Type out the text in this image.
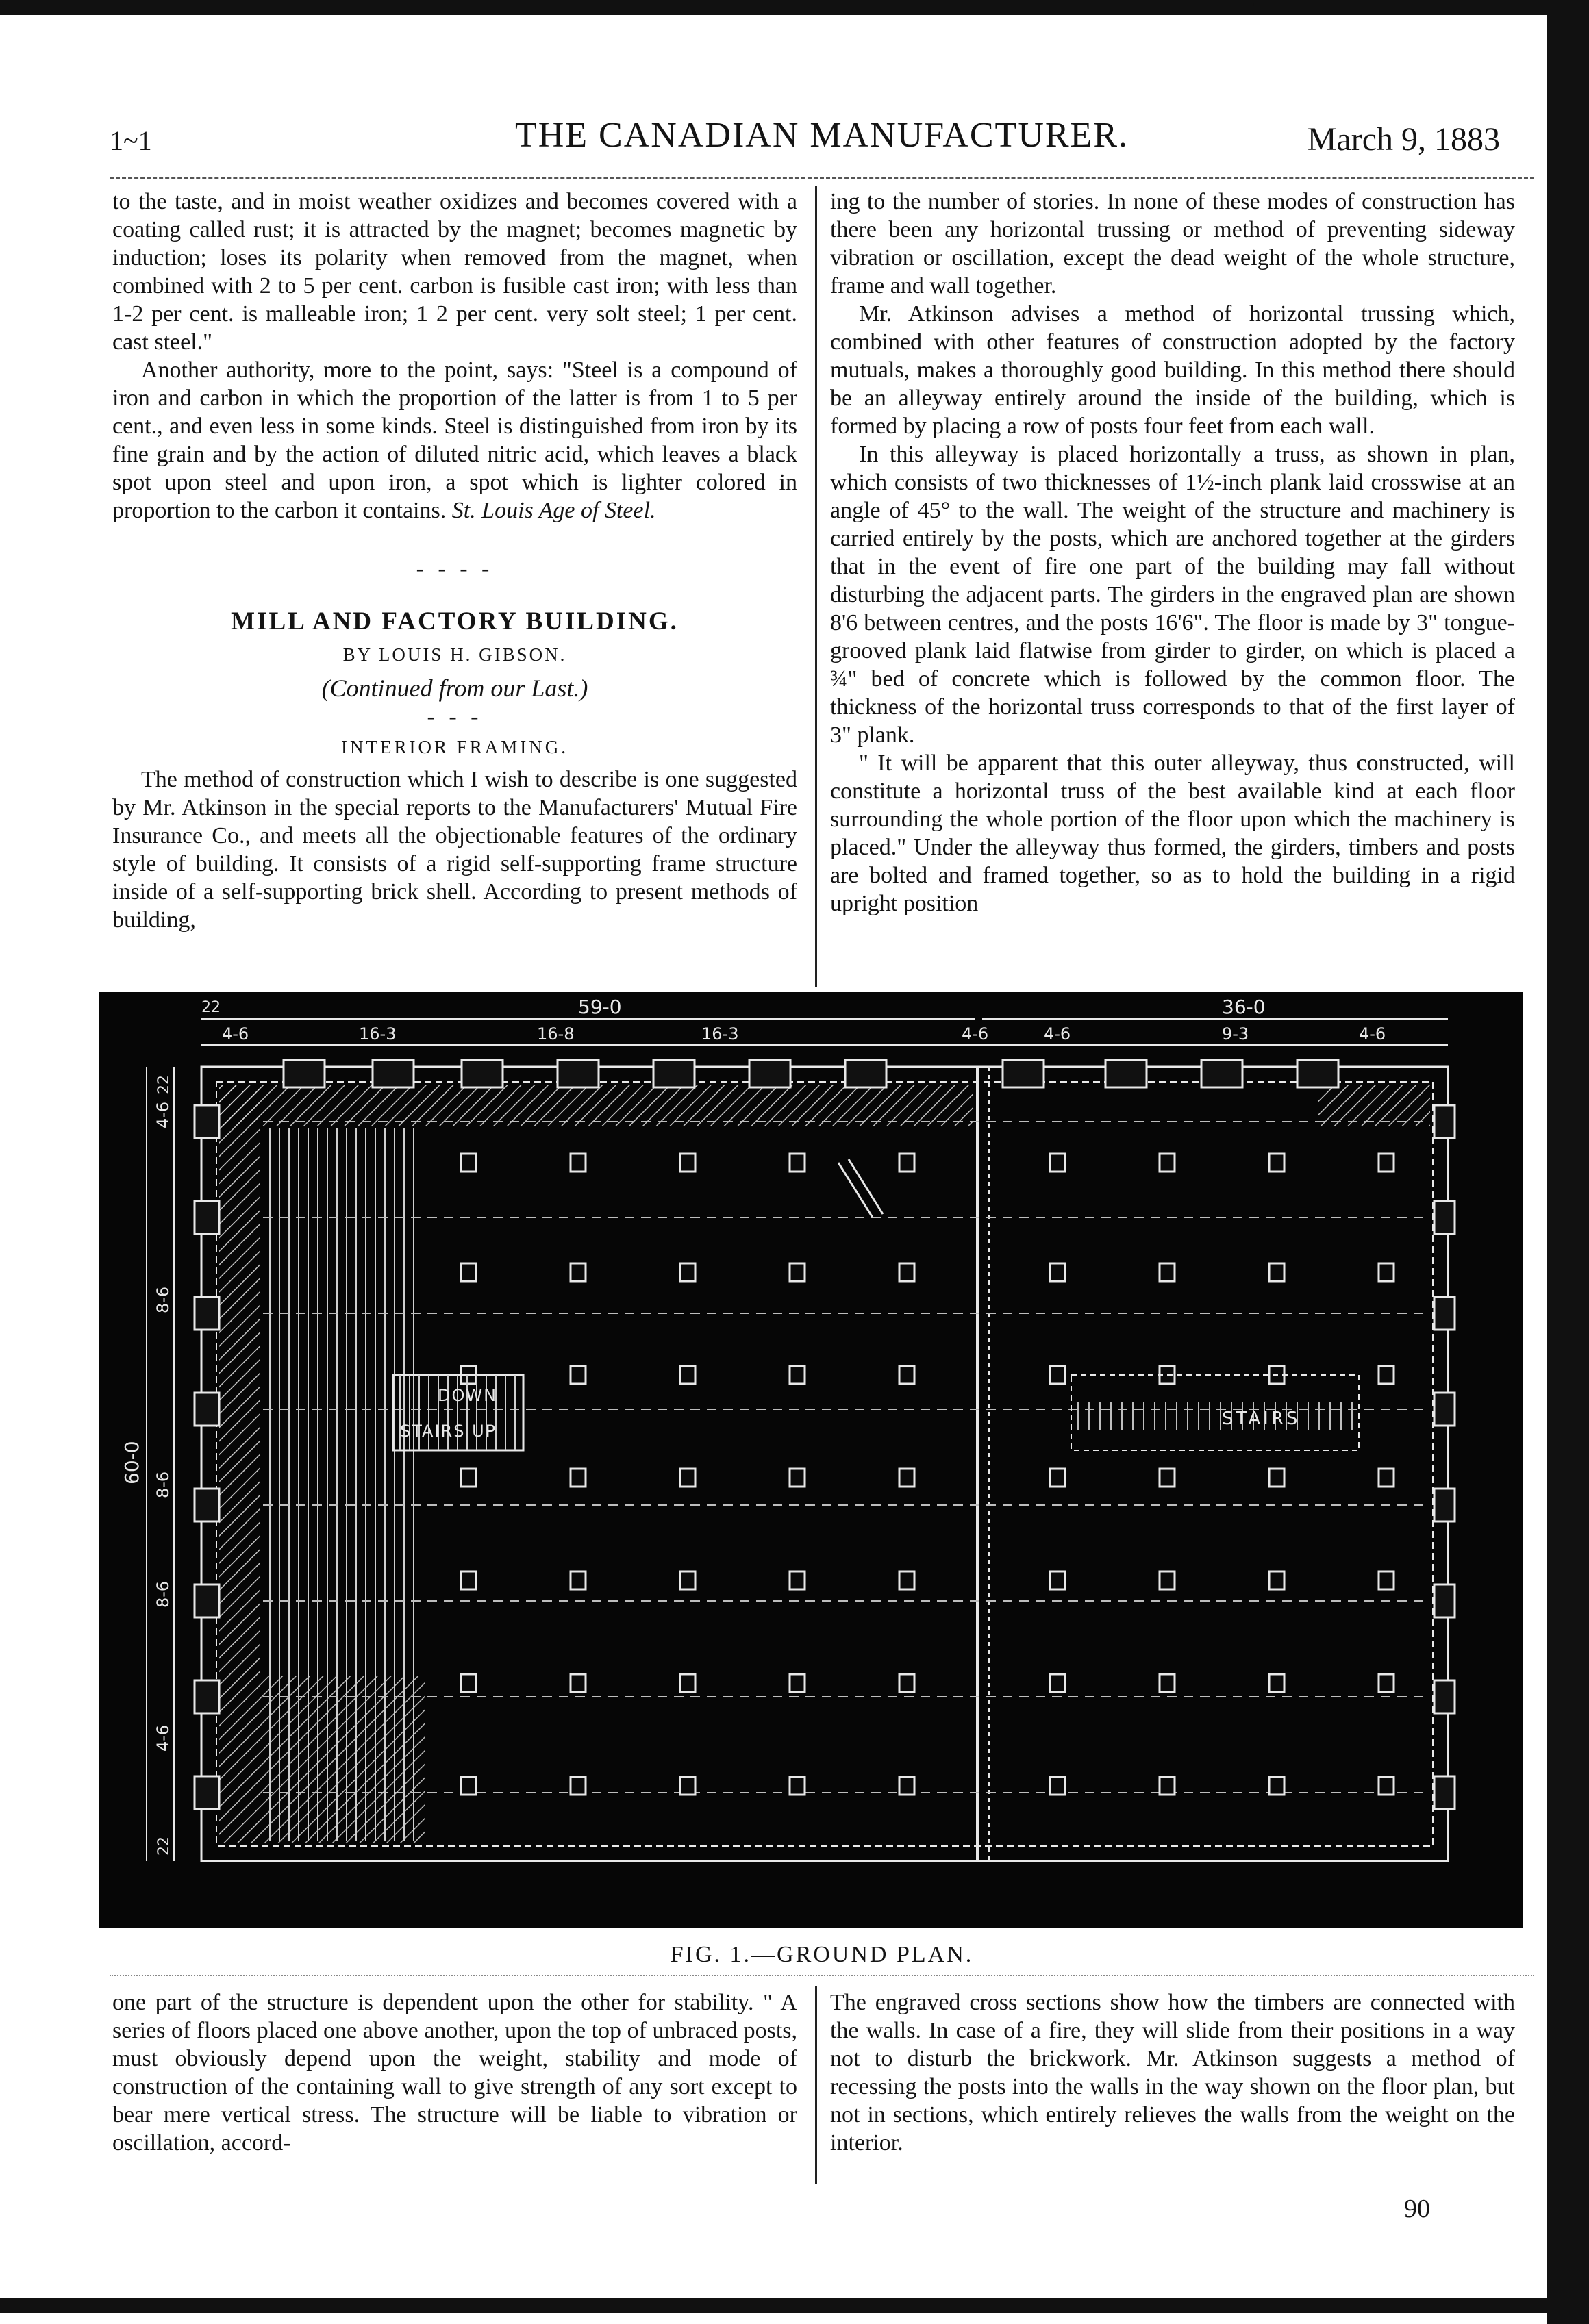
1~1	THE CANADIAN MANUFACTURER.	March 9, 1883

to the taste, and in moist weather oxidizes and becomes covered with a coating called rust; it is attracted by the magnet; becomes magnetic by induction; loses its polarity when removed from the magnet, when combined with 2 to 5 per cent. carbon is fusible cast iron; with less than 1-2 per cent. is malleable iron; 1 2 per cent. very solt steel; 1 per cent. cast steel."

Another authority, more to the point, says: "Steel is a compound of iron and carbon in which the proportion of the latter is from 1 to 5 per cent., and even less in some kinds. Steel is distinguished from iron by its fine grain and by the action of diluted nitric acid, which leaves a black spot upon steel and upon iron, a spot which is lighter colored in proportion to the carbon it contains. St. Louis Age of Steel.

- - - -

MILL AND FACTORY BUILDING.

BY LOUIS H. GIBSON.

(Continued from our Last.)

- - -

INTERIOR FRAMING.

The method of construction which I wish to describe is one suggested by Mr. Atkinson in the special reports to the Manufacturers' Mutual Fire Insurance Co., and meets all the objectionable features of the ordinary style of building. It consists of a rigid self-supporting frame structure inside of a self-supporting brick shell. According to present methods of building,

ing to the number of stories. In none of these modes of construction has there been any horizontal trussing or method of preventing sideway vibration or oscillation, except the dead weight of the whole structure, frame and wall together.

Mr. Atkinson advises a method of horizontal trussing which, combined with other features of construction adopted by the factory mutuals, makes a thoroughly good building. In this method there should be an alleyway entirely around the inside of the building, which is formed by placing a row of posts four feet from each wall.

In this alleyway is placed horizontally a truss, as shown in plan, which consists of two thicknesses of 1½-inch plank laid crosswise at an angle of 45° to the wall. The weight of the structure and machinery is carried entirely by the posts, which are anchored together at the girders that in the event of fire one part of the building may fall without disturbing the adjacent parts. The girders in the engraved plan are shown 8'6 between centres, and the posts 16'6". The floor is made by 3" tongue-grooved plank laid flatwise from girder to girder, on which is placed a ¾" bed of concrete which is followed by the common floor. The thickness of the horizontal truss corresponds to that of the first layer of 3" plank.

" It will be apparent that this outer alleyway, thus constructed, will constitute a horizontal truss of the best available kind at each floor surrounding the whole portion of the floor upon which the machinery is placed." Under the alleyway thus formed, the girders, timbers and posts are bolted and framed together, so as to hold the building in a rigid upright position

DOWN
STAIRS UP
STAIRS
59-0	36-0
4-6	16-3	16-8	16-3	4-6	4-6	9-3	4-6
22
4-6
8-6
8-6
8-6
4-6
60-0
22
22
FIG. 1.—GROUND PLAN.

one part of the structure is dependent upon the other for stability. " A series of floors placed one above another, upon the top of unbraced posts, must obviously depend upon the weight, stability and mode of construction of the containing wall to give strength of any sort except to bear mere vertical stress. The structure will be liable to vibration or oscillation, accord-

The engraved cross sections show how the timbers are connected with the walls. In case of a fire, they will slide from their positions in a way not to disturb the brickwork. Mr. Atkinson suggests a method of recessing the posts into the walls in the way shown on the floor plan, but not in sections, which entirely relieves the walls from the weight on the interior.

90
